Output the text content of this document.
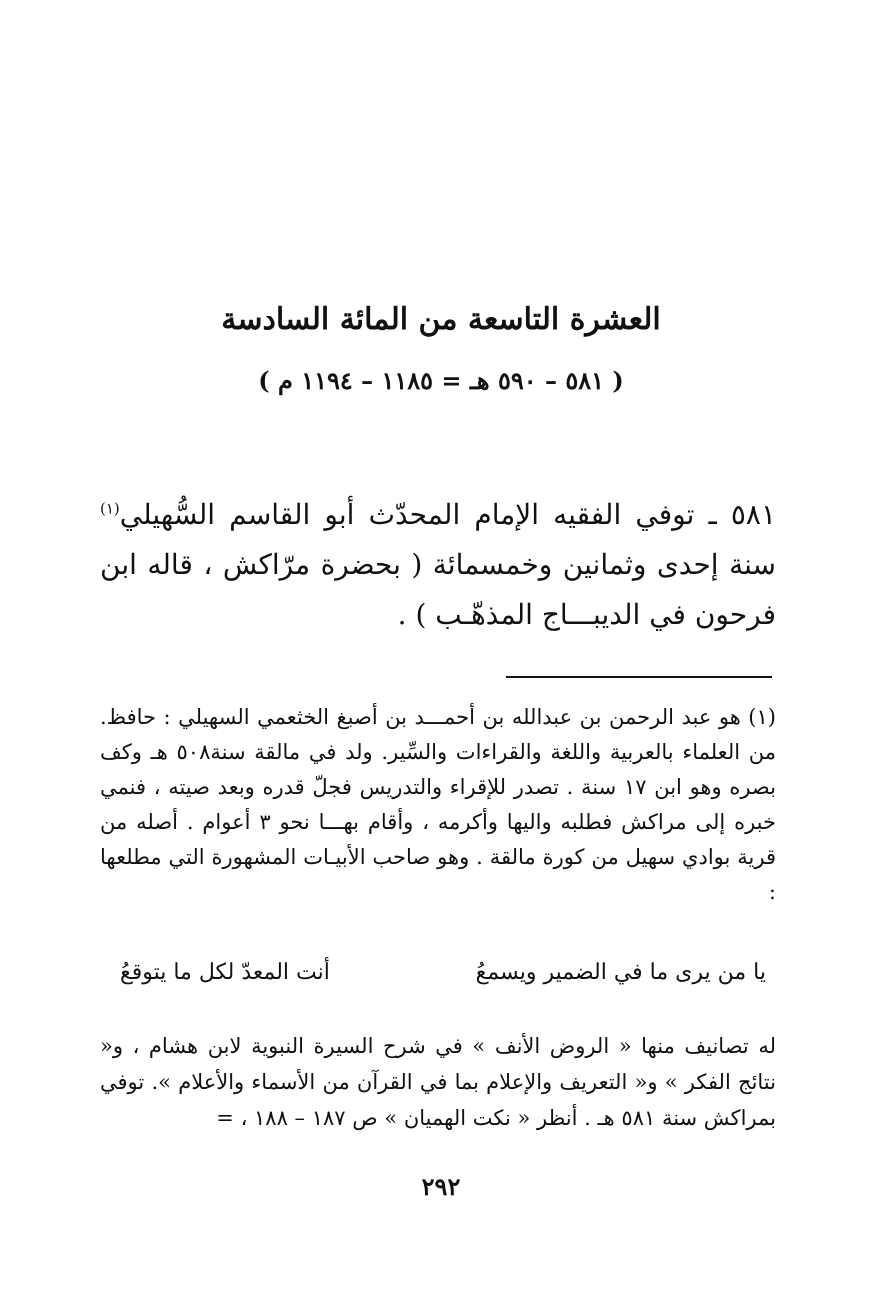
العشرة التاسعة من المائة السادسة
( ٥٨١ – ٥٩٠ هـ = ١١٨٥ – ١١٩٤ م )
٥٨١ ـ توفي الفقيه الإمام المحدّث أبو القاسم السُّهيلي$^{(١)}$ سنة إحدى وثمانين وخمسمائة ( بحضرة مرّاكش ، قاله ابن فرحون في الديبـــاج المذهّـب ) .
(١) هو عبد الرحمن بن عبدالله بن أحمـــد بن أصبغ الخثعمي السهيلي : حافظ. من العلماء بالعربية واللغة والقراءات والسِّير. ولد في مالقة سنة٥٠٨ هـ وكف بصره وهو ابن ١٧ سنة . تصدر للإقراء والتدريس فجلّ قدره وبعد صيته ، فنمي خبره إلى مراكش فطلبه واليها وأكرمه ، وأقام بهـــا نحو ٣ أعوام . أصله من قرية بوادي سهيل من كورة مالقة . وهو صاحب الأبيـات المشهورة التي مطلعها :
يا من يرى ما في الضمير ويسمعُ
أنت المعدّ لكل ما يتوقعُ
له تصانيف منها « الروض الأنف » في شرح السيرة النبوية لابن هشام ، و« نتائج الفكر » و« التعريف والإعلام بما في القرآن من الأسماء والأعلام ». توفي بمراكش سنة ٥٨١ هـ . أنظر « نكت الهميان » ص ١٨٧ – ١٨٨ ، =
٢٩٢
